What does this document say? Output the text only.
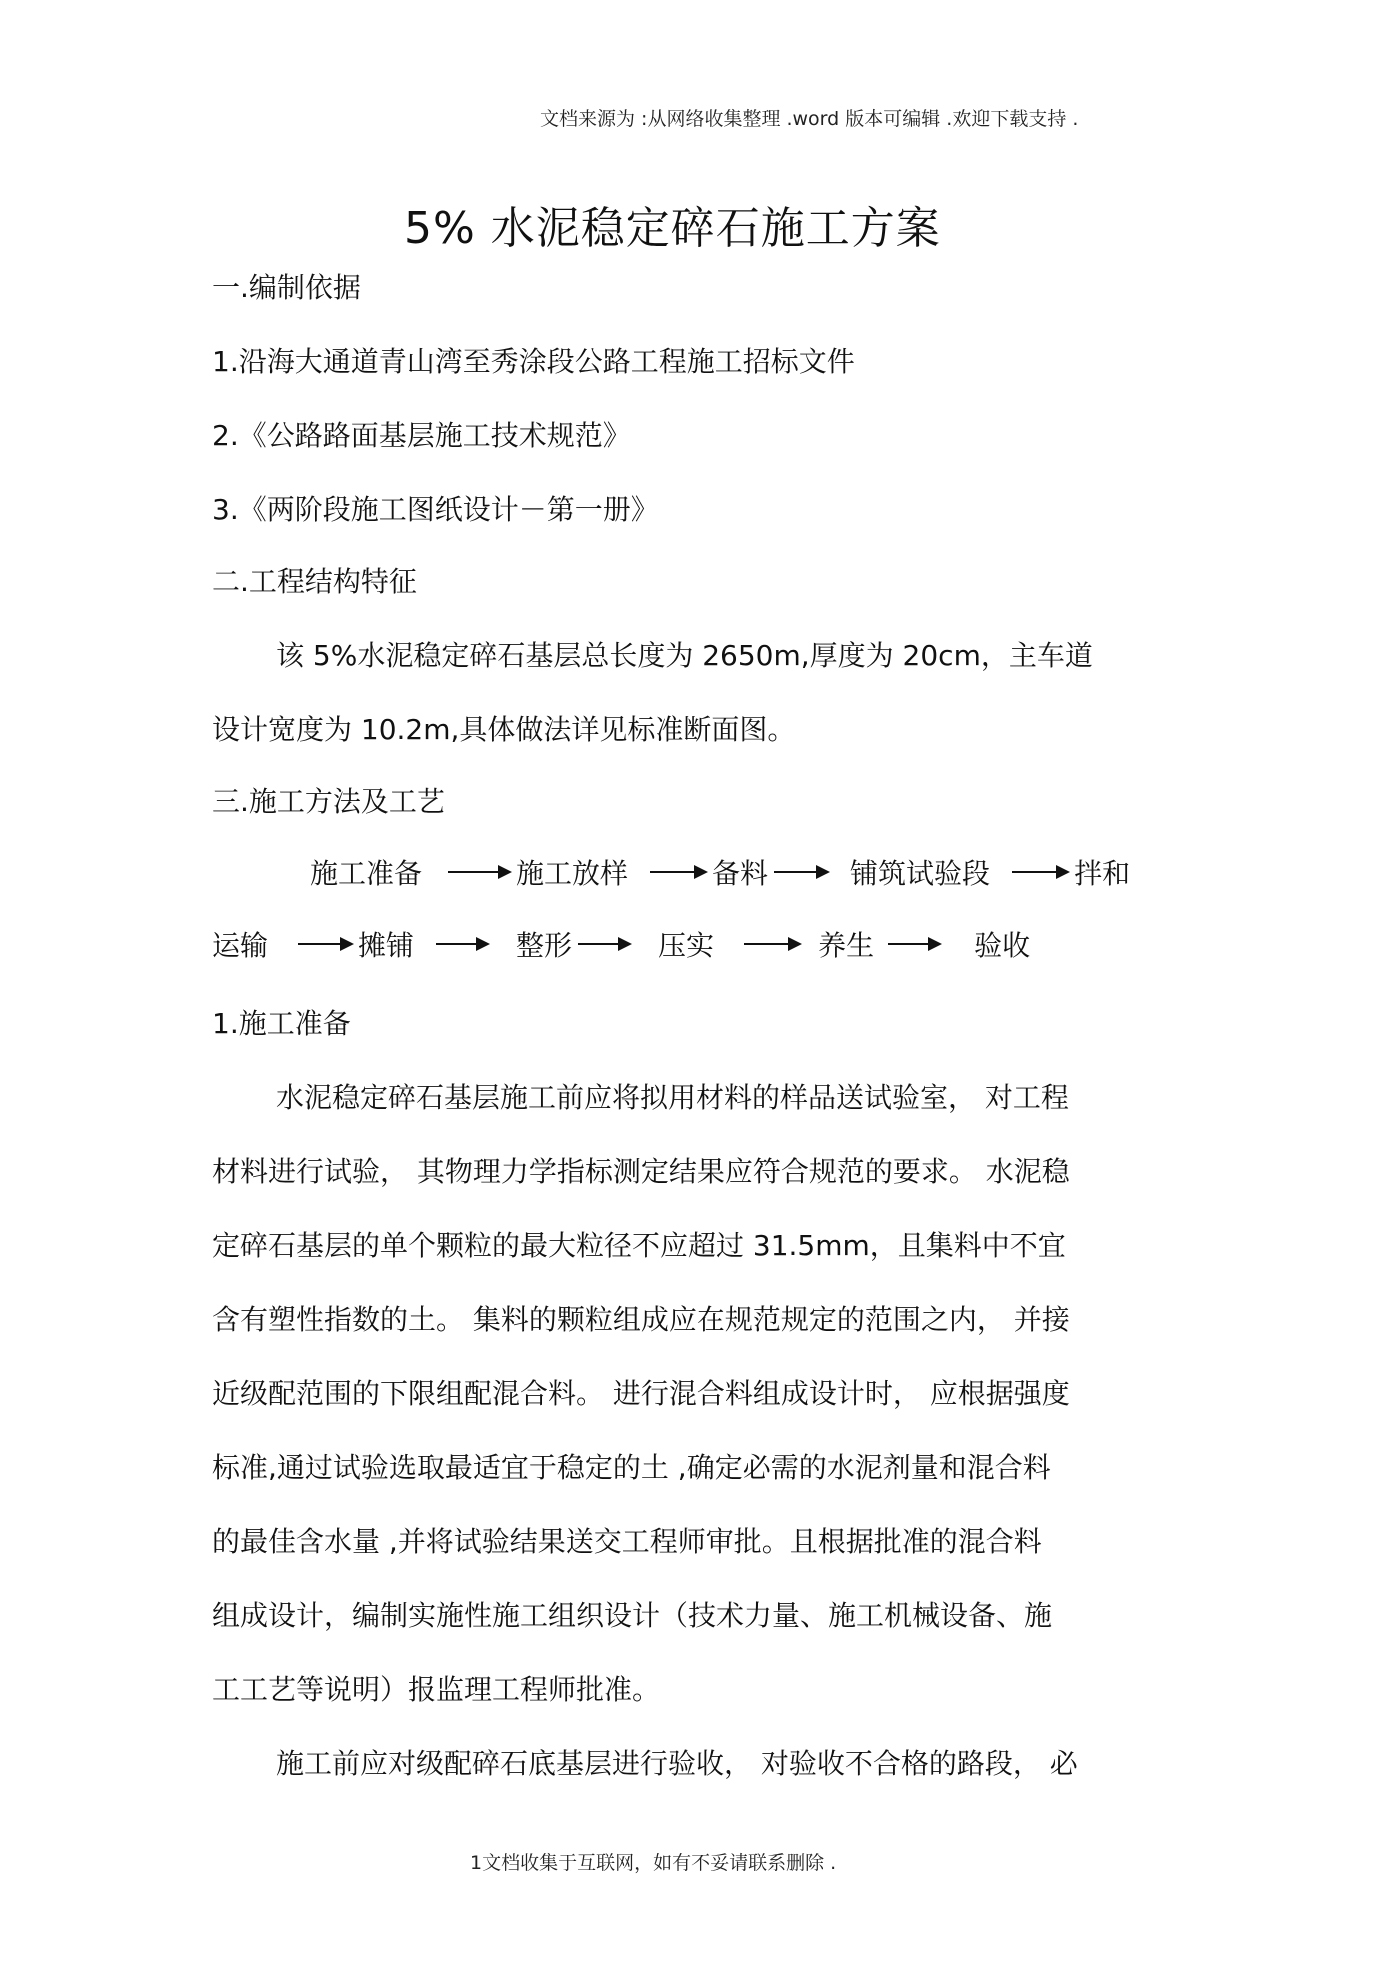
文档来源为 :从网络收集整理 .word 版本可编辑 .欢迎下载支持 .
5% 水泥稳定碎石施工方案
一.编制依据
1.沿海大通道青山湾至秀涂段公路工程施工招标文件
2.《公路路面基层施工技术规范》
3.《两阶段施工图纸设计－第一册》
二.工程结构特征
该 5%水泥稳定碎石基层总长度为 2650m,厚度为 20cm，主车道
设计宽度为 10.2m,具体做法详见标准断面图。
三.施工方法及工艺
施工准备	施工放样	备料	铺筑试验段	拌和
运输	摊铺	整形	压实	养生	验收
1.施工准备
水泥稳定碎石基层施工前应将拟用材料的样品送试验室， 对工程
材料进行试验， 其物理力学指标测定结果应符合规范的要求。 水泥稳
定碎石基层的单个颗粒的最大粒径不应超过 31.5mm，且集料中不宜
含有塑性指数的土。 集料的颗粒组成应在规范规定的范围之内， 并接
近级配范围的下限组配混合料。 进行混合料组成设计时， 应根据强度
标准,通过试验选取最适宜于稳定的土 ,确定必需的水泥剂量和混合料
的最佳含水量 ,并将试验结果送交工程师审批。且根据批准的混合料
组成设计，编制实施性施工组织设计（技术力量、施工机械设备、施
工工艺等说明）报监理工程师批准。
施工前应对级配碎石底基层进行验收， 对验收不合格的路段， 必
1文档收集于互联网，如有不妥请联系删除 .
